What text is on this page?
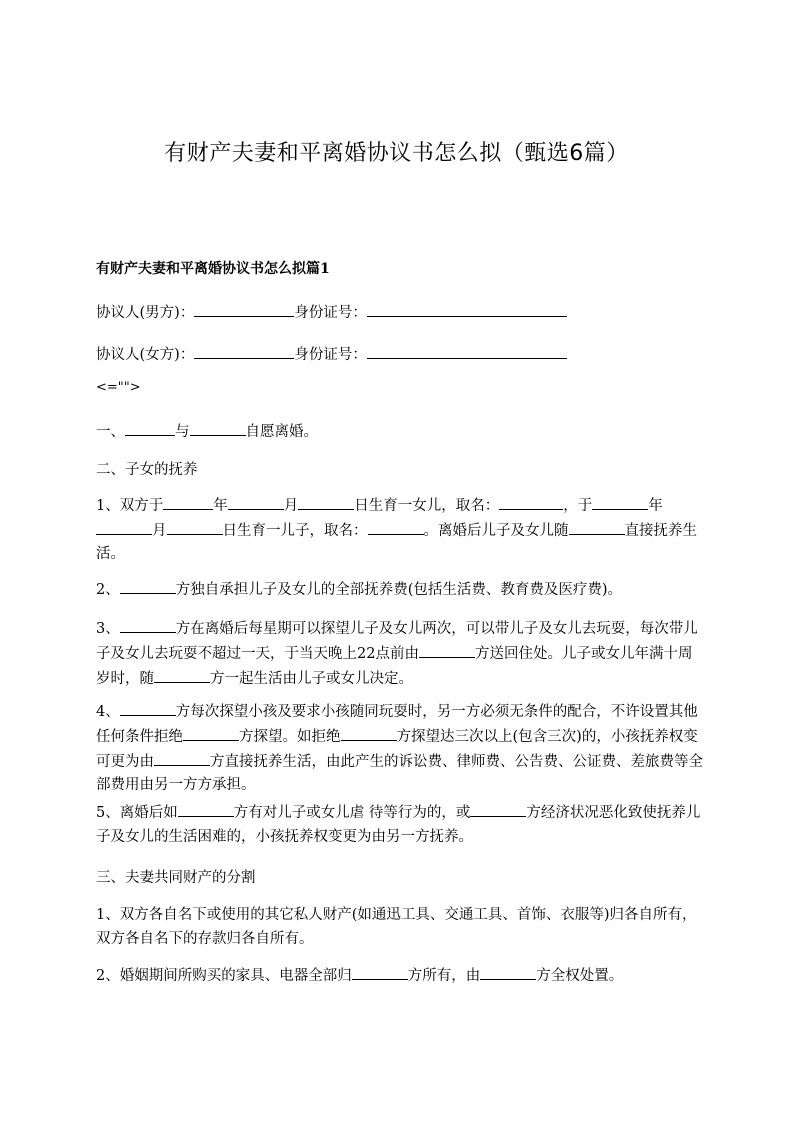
有财产夫妻和平离婚协议书怎么拟（甄选6篇）
有财产夫妻和平离婚协议书怎么拟篇1
协议人(男方)：	身份证号：
协议人(女方)：	身份证号：
<="">
一、	与	自愿离婚。
二、子女的抚养
1、双方于	年	月	日生育一女儿，取名：	，于	年月	日生育一儿子，取名：	。离婚后儿子及女儿随	直接抚养生活。
2、	方独自承担儿子及女儿的全部抚养费(包括生活费、教育费及医疗费)。
3、	方在离婚后每星期可以探望儿子及女儿两次，可以带儿子及女儿去玩耍，每次带儿子及女儿去玩耍不超过一天，于当天晚上22点前由	方送回住处。儿子或女儿年满十周岁时，随	方一起生活由儿子或女儿决定。
4、	方每次探望小孩及要求小孩随同玩耍时，另一方必须无条件的配合，不许设置其他任何条件拒绝	方探望。如拒绝	方探望达三次以上(包含三次)的，小孩抚养权变可更为由	方直接抚养生活，由此产生的诉讼费、律师费、公告费、公证费、差旅费等全部费用由另一方方承担。
5、离婚后如	方有对儿子或女儿虐 待等行为的，或	方经济状况恶化致使抚养儿子及女儿的生活困难的，小孩抚养权变更为由另一方抚养。
三、夫妻共同财产的分割
1、双方各自名下或使用的其它私人财产(如通迅工具、交通工具、首饰、衣服等)归各自所有，双方各自名下的存款归各自所有。
2、婚姻期间所购买的家具、电器全部归	方所有，由	方全权处置。
